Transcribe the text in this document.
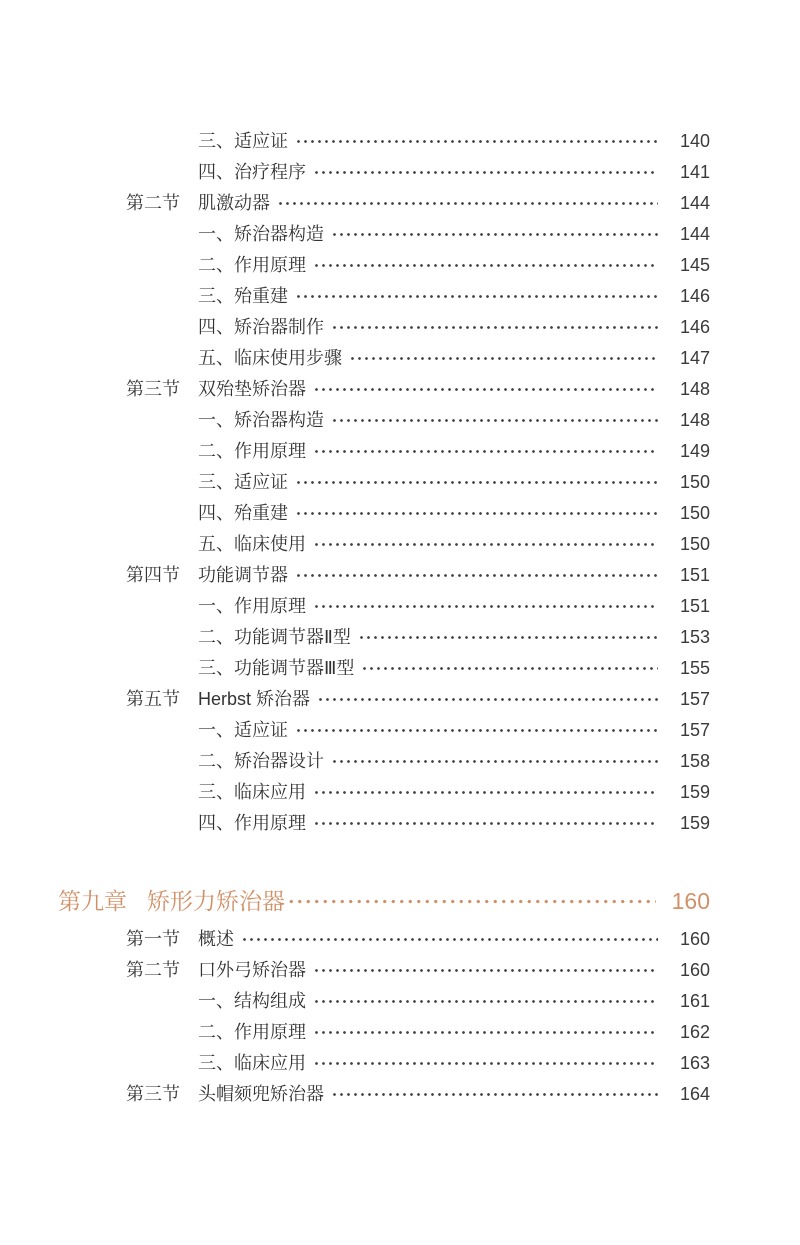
三、适应证	140
四、治疗程序	141
第二节 肌激动器	144
一、矫治器构造	144
二、作用原理	145
三、殆重建	146
四、矫治器制作	146
五、临床使用步骤	147
第三节 双殆垫矫治器	148
一、矫治器构造	148
二、作用原理	149
三、适应证	150
四、殆重建	150
五、临床使用	150
第四节 功能调节器	151
一、作用原理	151
二、功能调节器Ⅱ型	153
三、功能调节器Ⅲ型	155
第五节 Herbst 矫治器	157
一、适应证	157
二、矫治器设计	158
三、临床应用	159
四、作用原理	159
第九章 矫形力矫治器	160
第一节 概述	160
第二节 口外弓矫治器	160
一、结构组成	161
二、作用原理	162
三、临床应用	163
第三节 头帽颏兜矫治器	164
